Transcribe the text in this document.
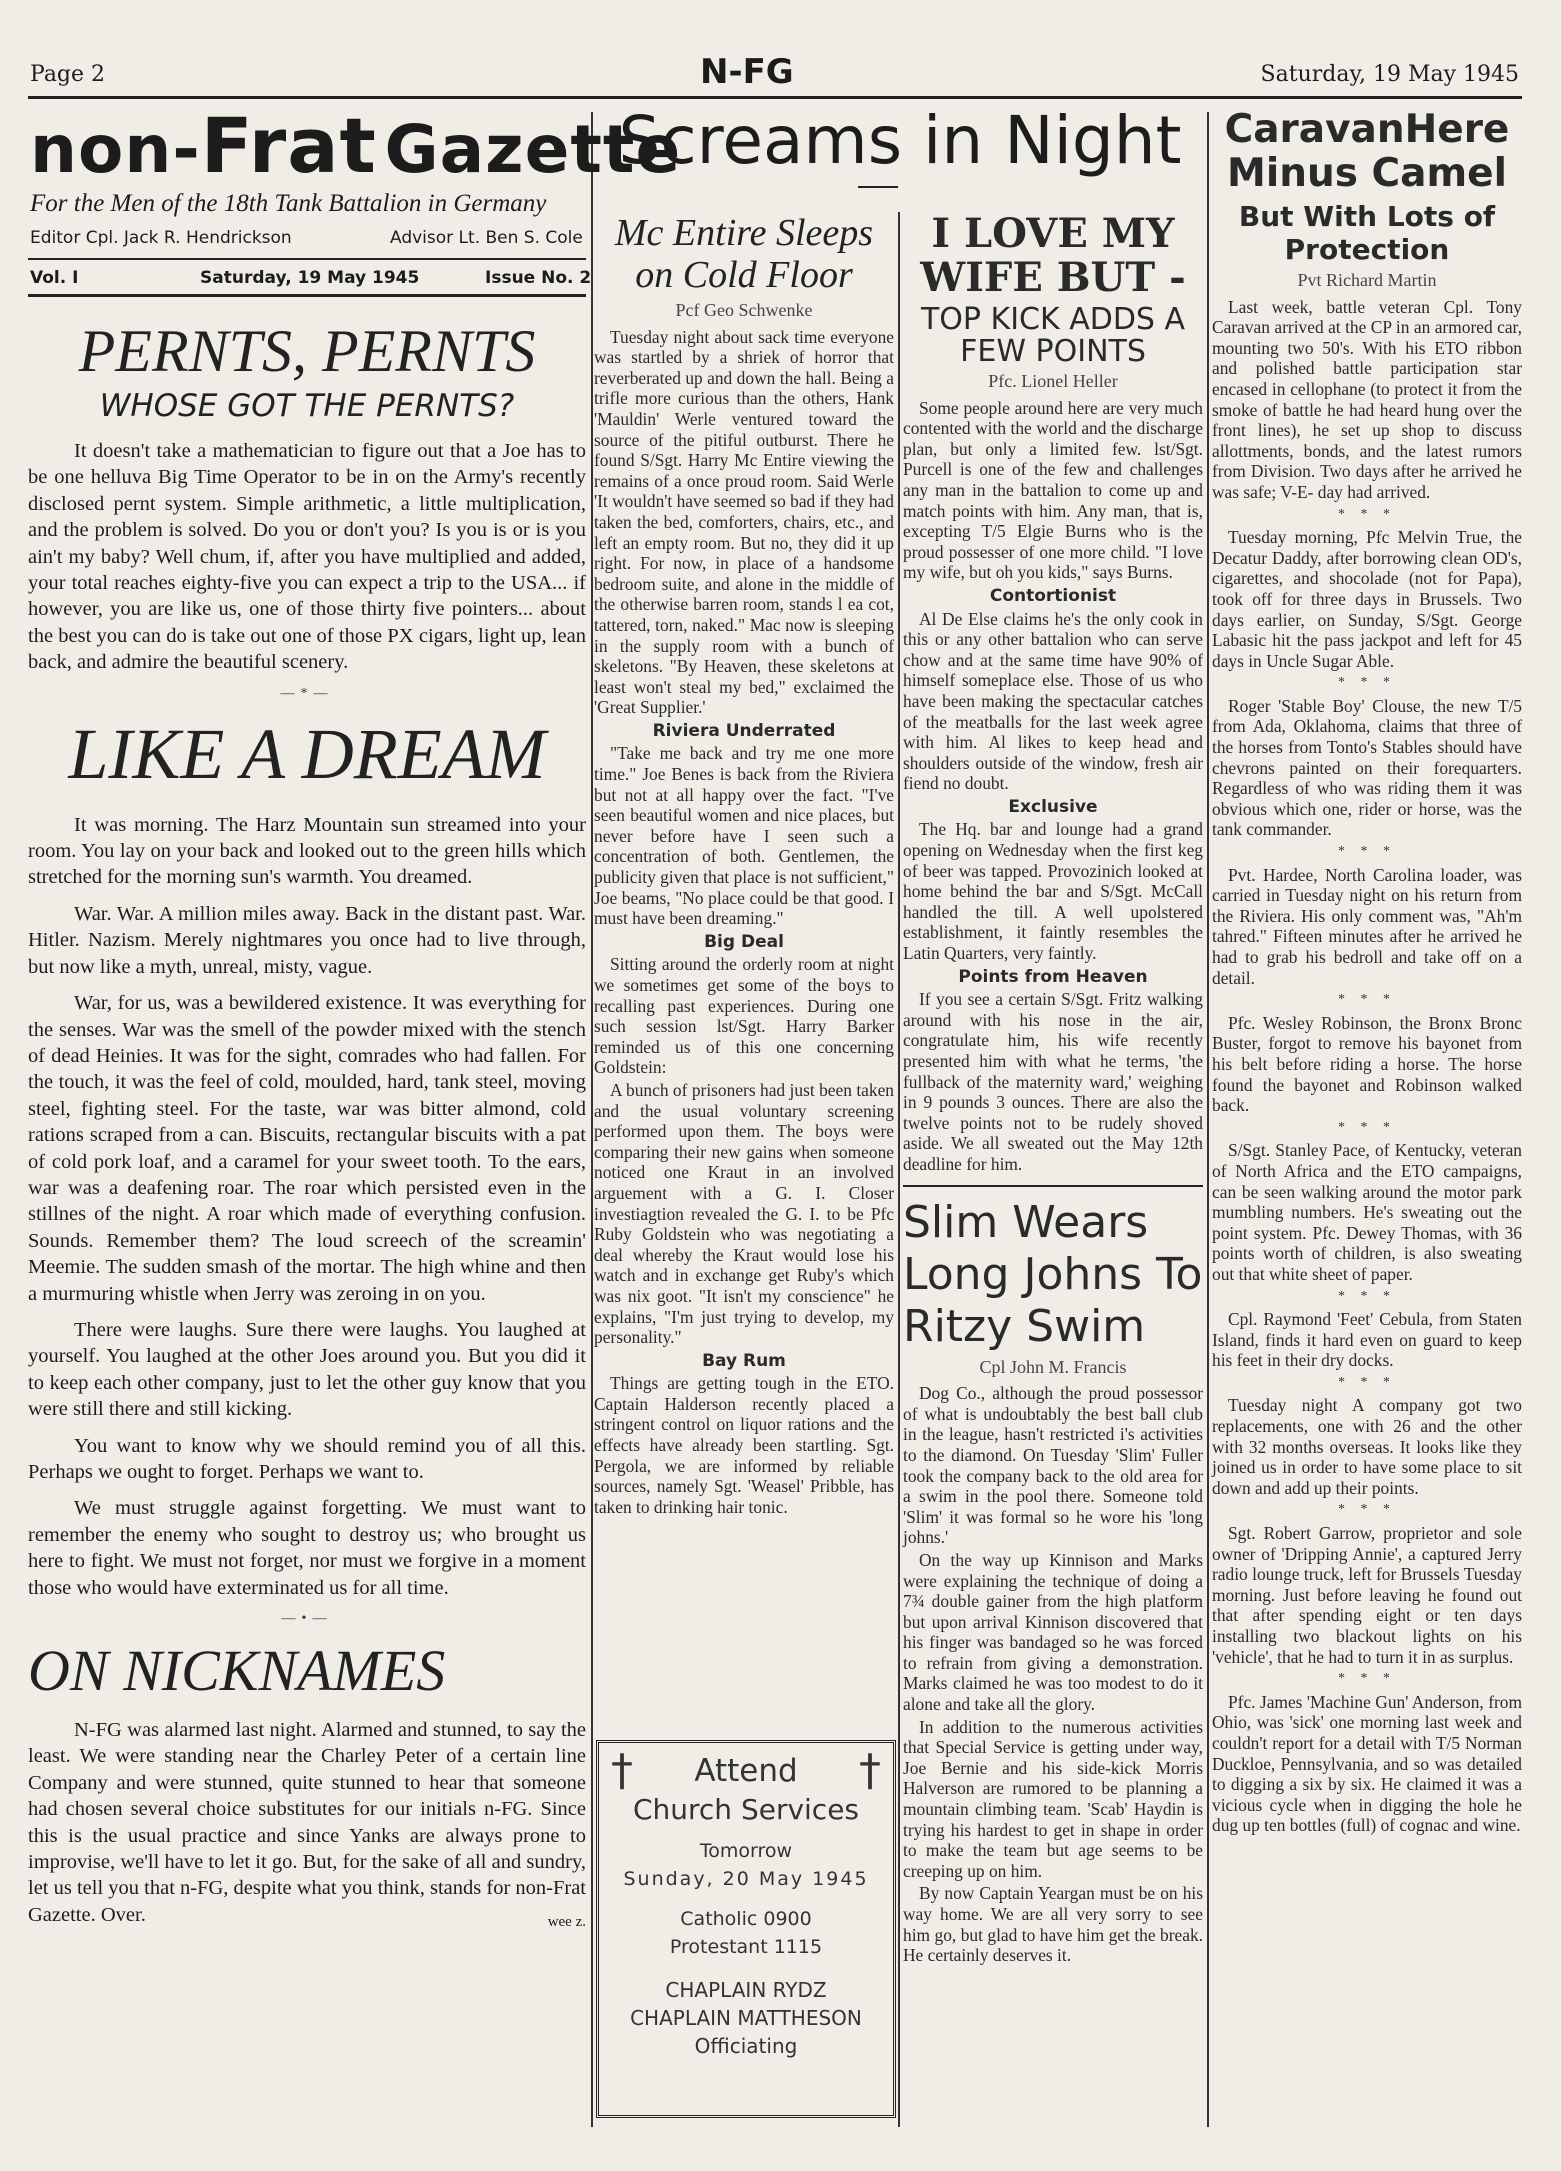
Page 2	N-FG	Saturday, 19 May 1945
non-Frat  Gazette
For the Men of the 18th Tank Battalion in Germany
Editor Cpl. Jack R. Hendrickson	Advisor Lt. Ben S. Cole
Vol. I	Saturday, 19 May 1945	Issue No. 2
PERNTS, PERNTS
WHOSE GOT THE PERNTS?

It doesn't take a mathematician to figure out that a Joe has to be one helluva Big Time Operator to be in on the Army's recently disclosed pernt system. Simple arithmetic, a little multiplication, and the problem is solved. Do you or don't you? Is you is or is you ain't my baby? Well chum, if, after you have multiplied and added, your total reaches eighty-five you can expect a trip to the USA... if however, you are like us, one of those thirty five pointers... about the best you can do is take out one of those PX cigars, light up, lean back, and admire the beautiful scenery.

—*—
LIKE A DREAM

It was morning. The Harz Mountain sun streamed into your room. You lay on your back and looked out to the green hills which stretched for the morning sun's warmth. You dreamed.

War. War. A million miles away. Back in the distant past. War. Hitler. Nazism. Merely nightmares you once had to live through, but now like a myth, unreal, misty, vague.

War, for us, was a bewildered existence. It was everything for the senses. War was the smell of the powder mixed with the stench of dead Heinies. It was for the sight, comrades who had fallen. For the touch, it was the feel of cold, moulded, hard, tank steel, moving steel, fighting steel. For the taste, war was bitter almond, cold rations scraped from a can. Biscuits, rectangular biscuits with a pat of cold pork loaf, and a caramel for your sweet tooth. To the ears, war was a deafening roar. The roar which persisted even in the stillnes of the night. A roar which made of everything confusion. Sounds. Remember them? The loud screech of the screamin' Meemie. The sudden smash of the mortar. The high whine and then a murmuring whistle when Jerry was zeroing in on you.

There were laughs. Sure there were laughs. You laughed at yourself. You laughed at the other Joes around you. But you did it to keep each other company, just to let the other guy know that you were still there and still kicking.

You want to know why we should remind you of all this. Perhaps we ought to forget. Perhaps we want to.

We must struggle against forgetting. We must want to remember the enemy who sought to destroy us; who brought us here to fight. We must not forget, nor must we forgive in a moment those who would have exterminated us for all time.

—•—
ON NICKNAMES

N-FG was alarmed last night. Alarmed and stunned, to say the least. We were standing near the Charley Peter of a certain line Company and were stunned, quite stunned to hear that someone had chosen several choice substitutes for our initials n-FG. Since this is the usual practice and since Yanks are always prone to improvise, we'll have to let it go. But, for the sake of all and sundry, let us tell you that n-FG, despite what you think, stands for non-Frat Gazette. Over.	wee z.
Screams in Night
Mc Entire Sleeps on Cold Floor
Pcf Geo Schwenke

Tuesday night about sack time everyone was startled by a shriek of horror that reverberated up and down the hall. Being a trifle more curious than the others, Hank 'Mauldin' Werle ventured toward the source of the pitiful outburst. There he found S/Sgt. Harry Mc Entire viewing the remains of a once proud room. Said Werle 'It wouldn't have seemed so bad if they had taken the bed, comforters, chairs, etc., and left an empty room. But no, they did it up right. For now, in place of a handsome bedroom suite, and alone in the middle of the otherwise barren room, stands l ea cot, tattered, torn, naked." Mac now is sleeping in the supply room with a bunch of skeletons. "By Heaven, these skeletons at least won't steal my bed," exclaimed the 'Great Supplier.'

Riviera Underrated

"Take me back and try me one more time." Joe Benes is back from the Riviera but not at all happy over the fact. "I've seen beautiful women and nice places, but never before have I seen such a concentration of both. Gentlemen, the publicity given that place is not sufficient," Joe beams, "No place could be that good. I must have been dreaming."

Big Deal

Sitting around the orderly room at night we sometimes get some of the boys to recalling past experiences. During one such session lst/Sgt. Harry Barker reminded us of this one concerning Goldstein:

A bunch of prisoners had just been taken and the usual voluntary screening performed upon them. The boys were comparing their new gains when someone noticed one Kraut in an involved arguement with a G. I. Closer investiagtion revealed the G. I. to be Pfc Ruby Goldstein who was negotiating a deal whereby the Kraut would lose his watch and in exchange get Ruby's which was nix goot. "It isn't my conscience" he explains, "I'm just trying to develop, my personality."

Bay Rum

Things are getting tough in the ETO. Captain Halderson recently placed a stringent control on liquor rations and the effects have already been startling. Sgt. Pergola, we are informed by reliable sources, namely Sgt. 'Weasel' Pribble, has taken to drinking hair tonic.

† Attend †
Church Services
Tomorrow
Sunday, 20 May 1945
Catholic 0900
Protestant 1115
CHAPLAIN RYDZ
CHAPLAIN MATTHESON
Officiating
I LOVE MY
WIFE BUT -
TOP KICK ADDS A FEW POINTS
Pfc. Lionel Heller

Some people around here are very much contented with the world and the discharge plan, but only a limited few. lst/Sgt. Purcell is one of the few and challenges any man in the battalion to come up and match points with him. Any man, that is, excepting T/5 Elgie Burns who is the proud possesser of one more child. "I love my wife, but oh you kids," says Burns.

Contortionist

Al De Else claims he's the only cook in this or any other battalion who can serve chow and at the same time have 90% of himself someplace else. Those of us who have been making the spectacular catches of the meatballs for the last week agree with him. Al likes to keep head and shoulders outside of the window, fresh air fiend no doubt.

Exclusive

The Hq. bar and lounge had a grand opening on Wednesday when the first keg of beer was tapped. Provozinich looked at home behind the bar and S/Sgt. McCall handled the till. A well upolstered establishment, it faintly resembles the Latin Quarters, very faintly.

Points from Heaven

If you see a certain S/Sgt. Fritz walking around with his nose in the air, congratulate him, his wife recently presented him with what he terms, 'the fullback of the maternity ward,' weighing in 9 pounds 3 ounces. There are also the twelve points not to be rudely shoved aside. We all sweated out the May 12th deadline for him.

Slim Wears Long Johns To Ritzy Swim
Cpl John M. Francis

Dog Co., although the proud possessor of what is undoubtably the best ball club in the league, hasn't restricted i's activities to the diamond. On Tuesday 'Slim' Fuller took the company back to the old area for a swim in the pool there. Someone told 'Slim' it was formal so he wore his 'long johns.'

On the way up Kinnison and Marks were explaining the technique of doing a 7¾ double gainer from the high platform but upon arrival Kinnison discovered that his finger was bandaged so he was forced to refrain from giving a demonstration. Marks claimed he was too modest to do it alone and take all the glory.

In addition to the numerous activities that Special Service is getting under way, Joe Bernie and his side-kick Morris Halverson are rumored to be planning a mountain climbing team. 'Scab' Haydin is trying his hardest to get in shape in order to make the team but age seems to be creeping up on him.

By now Captain Yeargan must be on his way home. We are all very sorry to see him go, but glad to have him get the break. He certainly deserves it.

CaravanHere
Minus Camel
But With Lots of Protection
Pvt Richard Martin

Last week, battle veteran Cpl. Tony Caravan arrived at the CP in an armored car, mounting two 50's. With his ETO ribbon and polished battle participation star encased in cellophane (to protect it from the smoke of battle he had heard hung over the front lines), he set up shop to discuss allottments, bonds, and the latest rumors from Division. Two days after he arrived he was safe; V-E- day had arrived.

* * *

Tuesday morning, Pfc Melvin True, the Decatur Daddy, after borrowing clean OD's, cigarettes, and shocolade (not for Papa), took off for three days in Brussels. Two days earlier, on Sunday, S/Sgt. George Labasic hit the pass jackpot and left for 45 days in Uncle Sugar Able.

* * *

Roger 'Stable Boy' Clouse, the new T/5 from Ada, Oklahoma, claims that three of the horses from Tonto's Stables should have chevrons painted on their forequarters. Regardless of who was riding them it was obvious which one, rider or horse, was the tank commander.

* * *

Pvt. Hardee, North Carolina loader, was carried in Tuesday night on his return from the Riviera. His only comment was, "Ah'm tahred." Fifteen minutes after he arrived he had to grab his bedroll and take off on a detail.

* * *

Pfc. Wesley Robinson, the Bronx Bronc Buster, forgot to remove his bayonet from his belt before riding a horse. The horse found the bayonet and Robinson walked back.

* * *

S/Sgt. Stanley Pace, of Kentucky, veteran of North Africa and the ETO campaigns, can be seen walking around the motor park mumbling numbers. He's sweating out the point system. Pfc. Dewey Thomas, with 36 points worth of children, is also sweating out that white sheet of paper.

* * *

Cpl. Raymond 'Feet' Cebula, from Staten Island, finds it hard even on guard to keep his feet in their dry docks.

* * *

Tuesday night A company got two replacements, one with 26 and the other with 32 months overseas. It looks like they joined us in order to have some place to sit down and add up their points.

* * *

Sgt. Robert Garrow, proprietor and sole owner of 'Dripping Annie', a captured Jerry radio lounge truck, left for Brussels Tuesday morning. Just before leaving he found out that after spending eight or ten days installing two blackout lights on his 'vehicle', that he had to turn it in as surplus.

* * *

Pfc. James 'Machine Gun' Anderson, from Ohio, was 'sick' one morning last week and couldn't report for a detail with T/5 Norman Duckloe, Pennsylvania, and so was detailed to digging a six by six. He claimed it was a vicious cycle when in digging the hole he dug up ten bottles (full) of cognac and wine.
